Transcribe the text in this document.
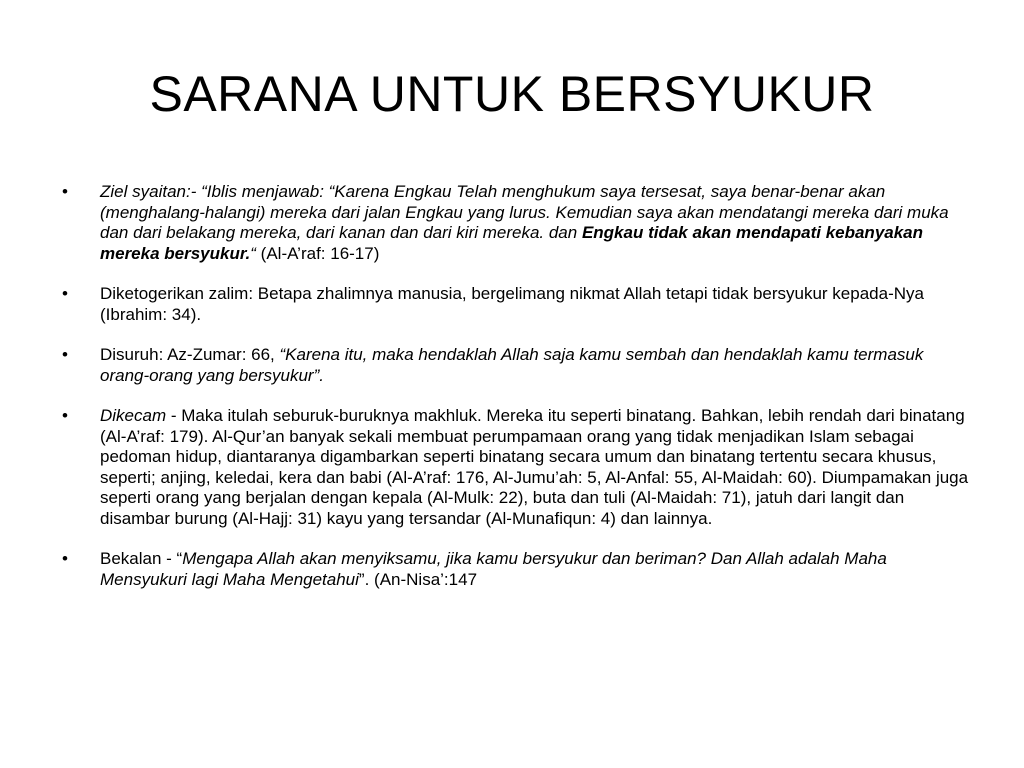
SARANA UNTUK BERSYUKUR
• Ziel syaitan:- “Iblis menjawab: “Karena Engkau Telah menghukum saya tersesat, saya benar-benar akan (menghalang-halangi) mereka dari jalan Engkau yang lurus. Kemudian saya akan mendatangi mereka dari muka dan dari belakang mereka, dari kanan dan dari kiri mereka. dan Engkau tidak akan mendapati kebanyakan mereka bersyukur.“ (Al-A’raf: 16-17)
• Diketogerikan zalim: Betapa zhalimnya manusia, bergelimang nikmat Allah tetapi tidak bersyukur kepada-Nya (Ibrahim: 34).
• Disuruh: Az-Zumar: 66, “Karena itu, maka hendaklah Allah saja kamu sembah dan hendaklah kamu termasuk orang-orang yang bersyukur”.
• Dikecam - Maka itulah seburuk-buruknya makhluk. Mereka itu seperti binatang. Bahkan, lebih rendah dari binatang (Al-A’raf: 179). Al-Qur’an banyak sekali membuat perumpamaan orang yang tidak menjadikan Islam sebagai pedoman hidup, diantaranya digambarkan seperti binatang secara umum dan binatang tertentu secara khusus, seperti; anjing, keledai, kera dan babi (Al-A’raf: 176, Al-Jumu’ah: 5, Al-Anfal: 55, Al-Maidah: 60). Diumpamakan juga seperti orang yang berjalan dengan kepala (Al-Mulk: 22), buta dan tuli (Al-Maidah: 71), jatuh dari langit dan disambar burung (Al-Hajj: 31) kayu yang tersandar (Al-Munafiqun: 4) dan lainnya.
• Bekalan - “Mengapa Allah akan menyiksamu, jika kamu bersyukur dan beriman? Dan Allah adalah Maha Mensyukuri lagi Maha Mengetahui”. (An-Nisa’:147
